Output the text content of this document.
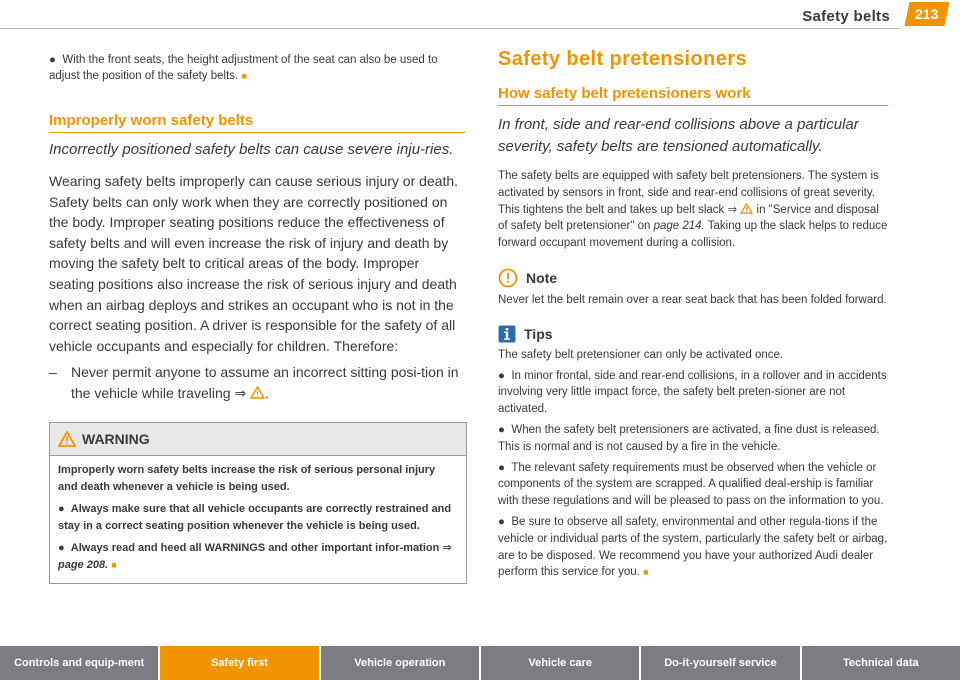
Safety belts	213

●  With the front seats, the height adjustment of the seat can also be used to adjust the position of the safety belts. ■

Improperly worn safety belts

Incorrectly positioned safety belts can cause severe inju-ries.

Wearing safety belts improperly can cause serious injury or death. Safety belts can only work when they are correctly positioned on the body. Improper seating positions reduce the effectiveness of safety belts and will even increase the risk of injury and death by moving the safety belt to critical areas of the body. Improper seating positions also increase the risk of serious injury and death when an airbag deploys and strikes an occupant who is not in the correct seating position. A driver is responsible for the safety of all vehicle occupants and especially for children. Therefore:

– Never permit anyone to assume an incorrect sitting posi-tion in the vehicle while traveling ⇒ .

WARNING

Improperly worn safety belts increase the risk of serious personal injury and death whenever a vehicle is being used.

●  Always make sure that all vehicle occupants are correctly restrained and stay in a correct seating position whenever the vehicle is being used.

●  Always read and heed all WARNINGS and other important infor-mation ⇒ page 208. ■

Safety belt pretensioners
How safety belt pretensioners work

In front, side and rear-end collisions above a particular severity, safety belts are tensioned automatically.

The safety belts are equipped with safety belt pretensioners. The system is activated by sensors in front, side and rear-end collisions of great severity. This tightens the belt and takes up belt slack ⇒  in "Service and disposal of safety belt pretensioner" on page 214. Taking up the slack helps to reduce forward occupant movement during a collision.

Note

Never let the belt remain over a rear seat back that has been folded forward.

Tips

The safety belt pretensioner can only be activated once.

●  In minor frontal, side and rear-end collisions, in a rollover and in accidents involving very little impact force, the safety belt preten-sioner are not activated.

●  When the safety belt pretensioners are activated, a fine dust is released. This is normal and is not caused by a fire in the vehicle.

●  The relevant safety requirements must be observed when the vehicle or components of the system are scrapped. A qualified deal-ership is familiar with these regulations and will be pleased to pass on the information to you.

●  Be sure to observe all safety, environmental and other regula-tions if the vehicle or individual parts of the system, particularly the safety belt or airbag, are to be disposed. We recommend you have your authorized Audi dealer perform this service for you. ■

Controls and equip-ment	Safety first	Vehicle operation	Vehicle care	Do-it-yourself service	Technical data
